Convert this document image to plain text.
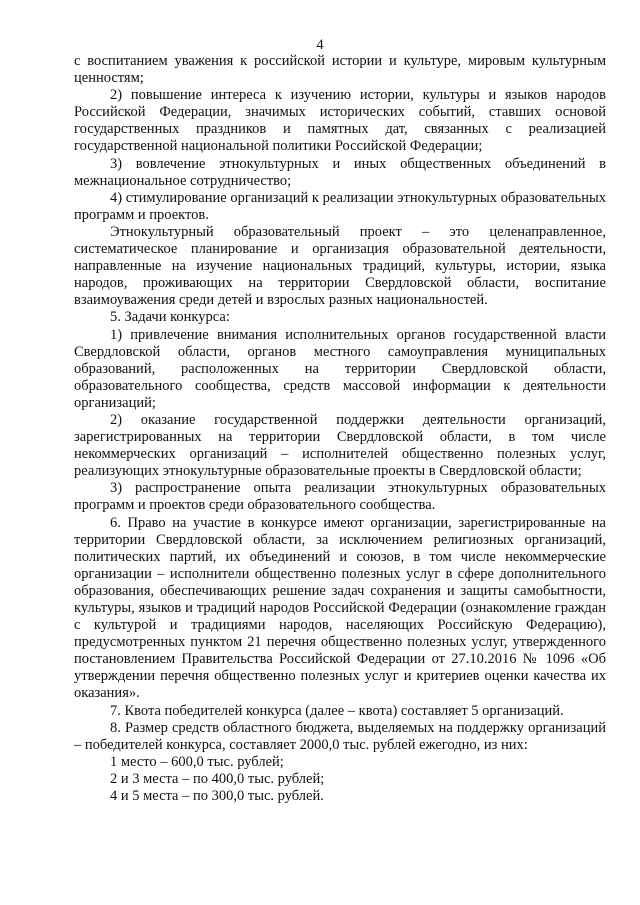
4

с воспитанием уважения к российской истории и культуре, мировым культурным ценностям;

2) повышение интереса к изучению истории, культуры и языков народов Российской Федерации, значимых исторических событий, ставших основой государственных праздников и памятных дат, связанных с реализацией государственной национальной политики Российской Федерации;

3) вовлечение этнокультурных и иных общественных объединений в межнациональное сотрудничество;

4) стимулирование организаций к реализации этнокультурных образовательных программ и проектов.

Этнокультурный образовательный проект – это целенаправленное, систематическое планирование и организация образовательной деятельности, направленные на изучение национальных традиций, культуры, истории, языка народов, проживающих на территории Свердловской области, воспитание взаимоуважения среди детей и взрослых разных национальностей.

5. Задачи конкурса:

1) привлечение внимания исполнительных органов государственной власти Свердловской области, органов местного самоуправления муниципальных образований, расположенных на территории Свердловской области, образовательного сообщества, средств массовой информации к деятельности организаций;

2) оказание государственной поддержки деятельности организаций, зарегистрированных на территории Свердловской области, в том числе некоммерческих организаций – исполнителей общественно полезных услуг, реализующих этнокультурные образовательные проекты в Свердловской области;

3) распространение опыта реализации этнокультурных образовательных программ и проектов среди образовательного сообщества.

6. Право на участие в конкурсе имеют организации, зарегистрированные на территории Свердловской области, за исключением религиозных организаций, политических партий, их объединений и союзов, в том числе некоммерческие организации – исполнители общественно полезных услуг в сфере дополнительного образования, обеспечивающих решение задач сохранения и защиты самобытности, культуры, языков и традиций народов Российской Федерации (ознакомление граждан с культурой и традициями народов, населяющих Российскую Федерацию), предусмотренных пунктом 21 перечня общественно полезных услуг, утвержденного постановлением Правительства Российской Федерации от 27.10.2016 № 1096 «Об утверждении перечня общественно полезных услуг и критериев оценки качества их оказания».

7. Квота победителей конкурса (далее – квота) составляет 5 организаций.

8. Размер средств областного бюджета, выделяемых на поддержку организаций – победителей конкурса, составляет 2000,0 тыс. рублей ежегодно, из них:

1 место – 600,0 тыс. рублей;

2 и 3 места – по 400,0 тыс. рублей;

4 и 5 места – по 300,0 тыс. рублей.
